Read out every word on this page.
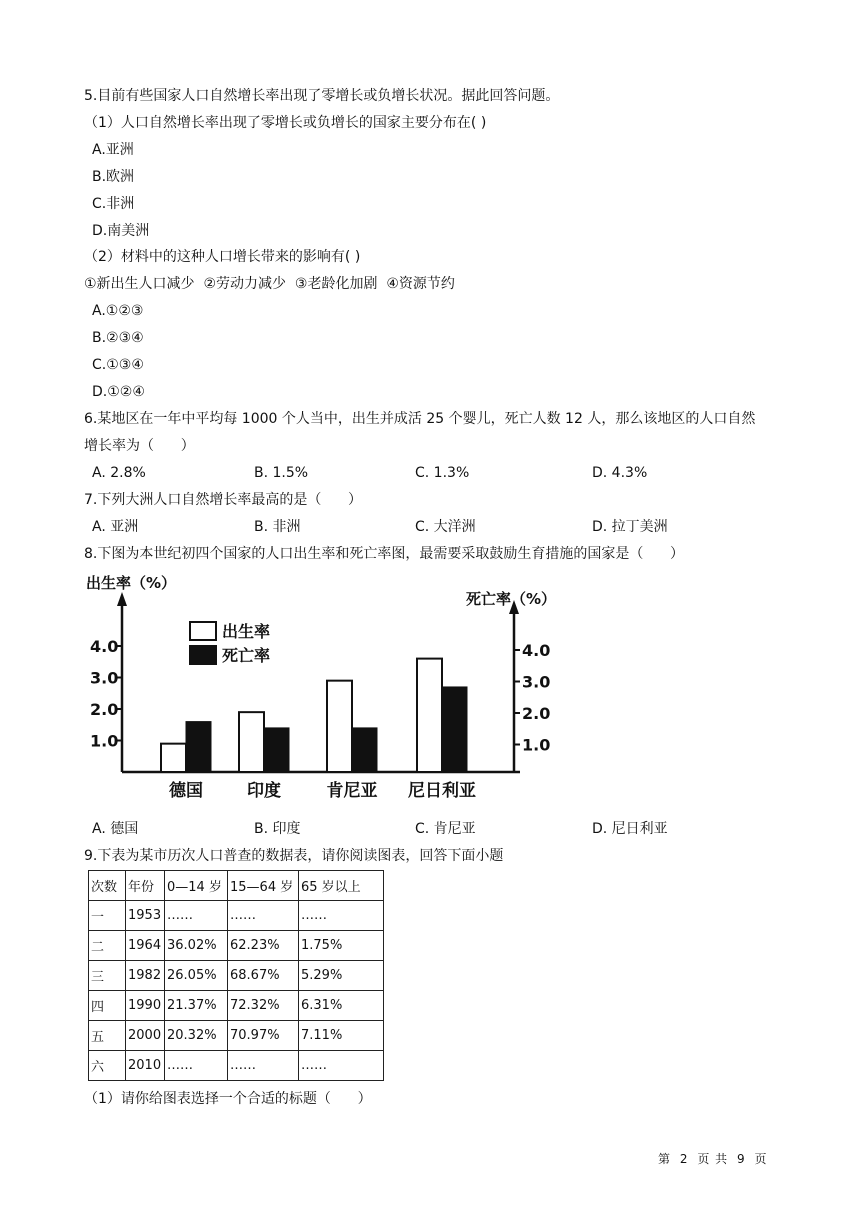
5.目前有些国家人口自然增长率出现了零增长或负增长状况。据此回答问题。
（1）人口自然增长率出现了零增长或负增长的国家主要分布在( )
A.亚洲
B.欧洲
C.非洲
D.南美洲
（2）材料中的这种人口增长带来的影响有( )
①新出生人口减少  ②劳动力减少  ③老龄化加剧  ④资源节约
A.①②③
B.②③④
C.①③④
D.①②④
6.某地区在一年中平均每 1000 个人当中，出生并成活 25 个婴儿，死亡人数 12 人，那么该地区的人口自然
增长率为（      ）
A. 2.8%	B. 1.5%	C. 1.3%	D. 4.3%
7.下列大洲人口自然增长率最高的是（      ）
A. 亚洲	B. 非洲	C. 大洋洲	D. 拉丁美洲
8.下图为本世纪初四个国家的人口出生率和死亡率图，最需要采取鼓励生育措施的国家是（      ）
出生率（%）
死亡率（%）
1.0	1.0
2.0	2.0
3.0	3.0
4.0	4.0
出生率
死亡率
德国	印度	肯尼亚 尼日利亚
A. 德国	B. 印度	C. 肯尼亚	D. 尼日利亚
9.下表为某市历次人口普查的数据表，请你阅读图表，回答下面小题
次数	年份	0—14 岁	15—64 岁	65 岁以上
一	1953	……	……	……
二	1964	36.02%	62.23%	1.75%
三	1982	26.05%	68.67%	5.29%
四	1990	21.37%	72.32%	6.31%
五	2000	20.32%	70.97%	7.11%
六	2010	……	……	……
（1）请你给图表选择一个合适的标题（      ）
第 2 页 共 9 页
